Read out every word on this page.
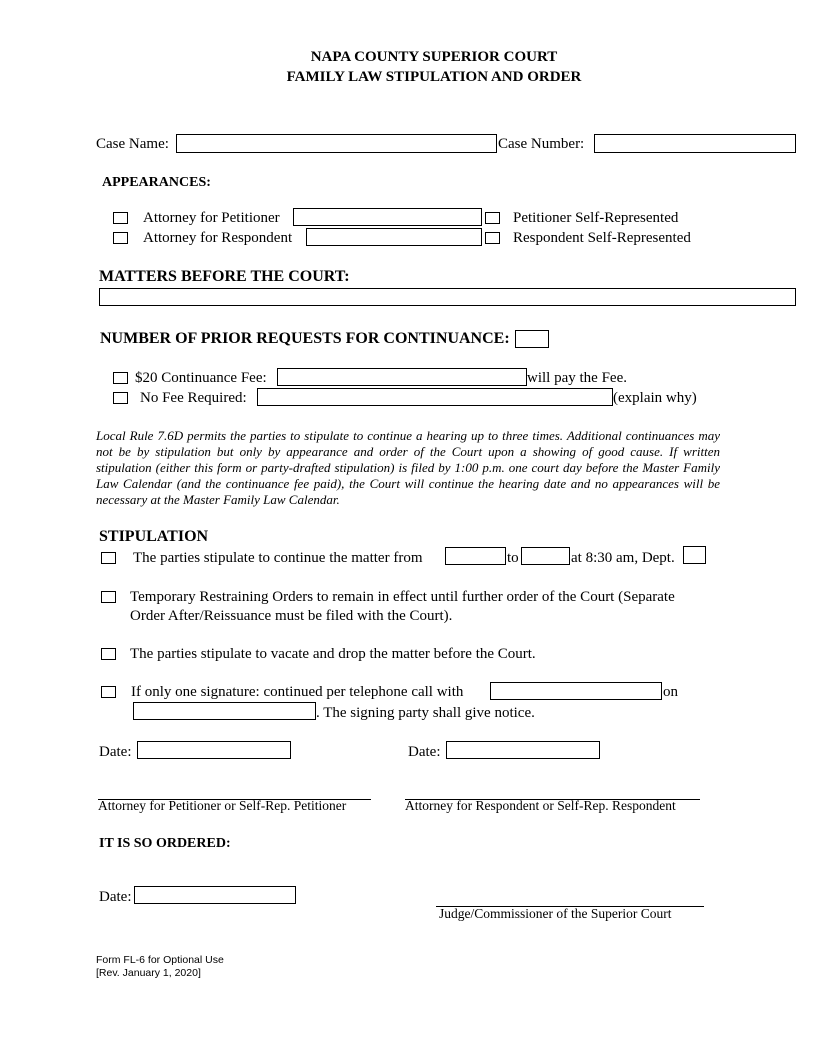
NAPA COUNTY SUPERIOR COURT
FAMILY LAW STIPULATION AND ORDER
Case Name:	Case Number:
APPEARANCES:
Attorney for Petitioner	Petitioner Self-Represented
Attorney for Respondent	Respondent Self-Represented
MATTERS BEFORE THE COURT:
NUMBER OF PRIOR REQUESTS FOR CONTINUANCE:
$20 Continuance Fee:	will pay the Fee.
No Fee Required:	(explain why)
Local Rule 7.6D permits the parties to stipulate to continue a hearing up to three times. Additional continuances may not be by stipulation but only by appearance and order of the Court upon a showing of good cause. If written stipulation (either this form or party-drafted stipulation) is filed by 1:00 p.m. one court day before the Master Family Law Calendar (and the continuance fee paid), the Court will continue the hearing date and no appearances will be necessary at the Master Family Law Calendar.
STIPULATION
The parties stipulate to continue the matter from	to	at 8:30 am, Dept.
Temporary Restraining Orders to remain in effect until further order of the Court (Separate
Order After/Reissuance must be filed with the Court).
The parties stipulate to vacate and drop the matter before the Court.
If only one signature: continued per telephone call with	on
. The signing party shall give notice.
Date:	Date:
Attorney for Petitioner or Self-Rep. Petitioner	Attorney for Respondent or Self-Rep. Respondent
IT IS SO ORDERED:
Date:
Judge/Commissioner of the Superior Court
Form FL-6 for Optional Use
[Rev. January 1, 2020]
